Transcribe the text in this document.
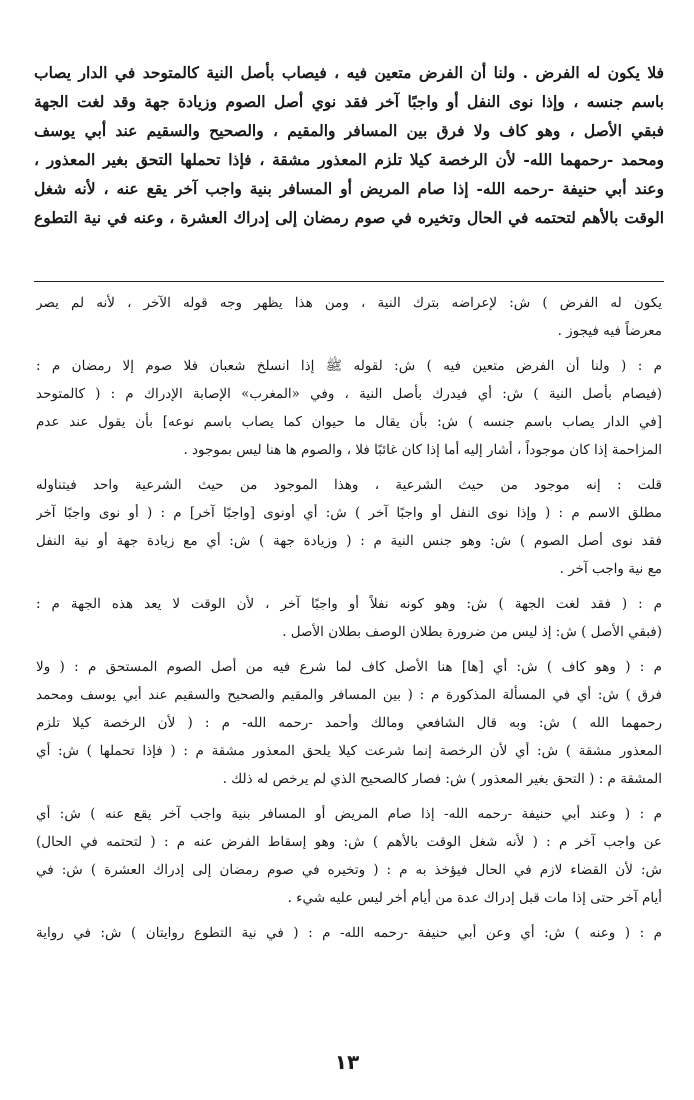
فلا يكون له الفرض . ولنا أن الفرض متعين فيه ، فيصاب بأصل النية كالمتوحد في الدار يصاب
باسم جنسه ، وإذا نوى النفل أو واجبًا آخر فقد نوي أصل الصوم وزيادة جهة وقد لغت الجهة
فبقي الأصل ، وهو كاف ولا فرق بين المسافر والمقيم ، والصحيح والسقيم عند أبي يوسف
ومحمد -رحمهما الله- لأن الرخصة كيلا تلزم المعذور مشقة ، فإذا تحملها التحق بغير المعذور ،
وعند أبي حنيفة -رحمه الله- إذا صام المريض أو المسافر بنية واجب آخر يقع عنه ، لأنه شغل
الوقت بالأهم لتحتمه في الحال وتخيره في صوم رمضان إلى إدراك العشرة ، وعنه في نية التطوع
يكون له الفرض ) ش: لإعراضه بترك النية ، ومن هذا يظهر وجه قوله الآخر ، لأنه لم يصر
معرضاً فيه فيجوز .
م : ( ولنا أن الفرض متعين فيه ) ش: لقوله ﷺ إذا انسلخ شعبان فلا صوم إلا رمضان م :
(فيصام بأصل النية ) ش: أي فيدرك بأصل النية ، وفي «المغرب» الإصابة الإدراك م : ( كالمتوحد
[في الدار يصاب باسم جنسه ) ش: بأن يقال ما حيوان كما يصاب باسم نوعه] بأن يقول عند عدم
المزاحمة إذا كان موجوداً ، أشار إليه أما إذا كان غائبًا فلا ، والصوم ها هنا ليس بموجود .
قلت : إنه موجود من حيث الشرعية ، وهذا الموجود من حيث الشرعية واحد فيتناوله
مطلق الاسم م : ( وإذا نوى النفل أو واجبًا آخر ) ش: أي أونوى [واجبًا آخر] م : ( أو نوى واجبًا آخر
فقد نوى أصل الصوم ) ش: وهو جنس النية م : ( وزيادة جهة ) ش: أي مع زيادة جهة أو نية النفل
مع نية واجب آخر .
م : ( فقد لغت الجهة ) ش: وهو كونه نفلاً أو واجبًا آخر ، لأن الوقت لا يعد هذه الجهة م :
(فبقي الأصل ) ش: إذ ليس من ضرورة بطلان الوصف بطلان الأصل .
م : ( وهو كاف ) ش: أي [ها] هنا الأصل كاف لما شرع فيه من أصل الصوم المستحق م : ( ولا
فرق ) ش: أي في المسألة المذكورة م : ( بين المسافر والمقيم والصحيح والسقيم عند أبي يوسف ومحمد
رحمهما الله ) ش: وبه قال الشافعي ومالك وأحمد -رحمه الله- م : ( لأن الرخصة كيلا تلزم
المعذور مشقة ) ش: أي لأن الرخصة إنما شرعت كيلا يلحق المعذور مشقة م : ( فإذا تحملها ) ش: أي
المشقة م : ( التحق بغير المعذور ) ش: فصار كالصحيح الذي لم يرخص له ذلك .
م : ( وعند أبي حنيفة -رحمه الله- إذا صام المريض أو المسافر بنية واجب آخر يقع عنه ) ش: أي
عن واجب آخر م : ( لأنه شغل الوقت بالأهم ) ش: وهو إسقاط الفرض عنه م : ( لتحتمه في الحال)
ش: لأن القضاء لازم في الحال فيؤخذ به م : ( وتخيره في صوم رمضان إلى إدراك العشرة ) ش: في
أيام آخر حتى إذا مات قبل إدراك عدة من أيام أخر ليس عليه شيء .
م : ( وعنه ) ش: أي وعن أبي حنيفة -رحمه الله- م : ( في نية التطوع روايتان ) ش: في رواية
١٣
